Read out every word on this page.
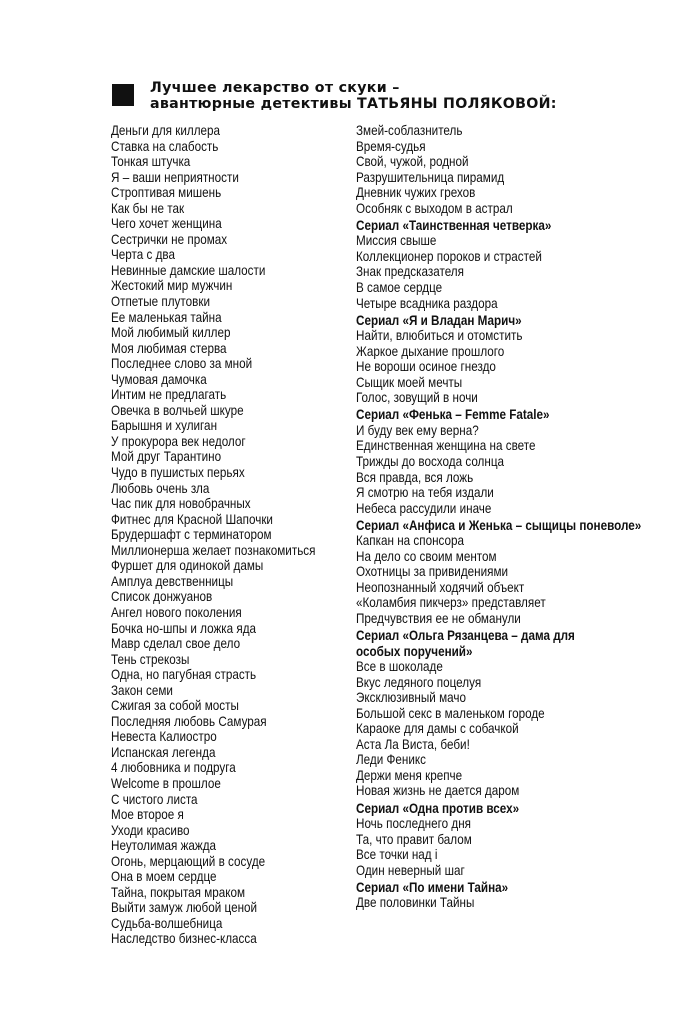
Лучшее лекарство от скуки –
авантюрные детективы ТАТЬЯНЫ ПОЛЯКОВОЙ:
Деньги для киллера
Ставка на слабость
Тонкая штучка
Я – ваши неприятности
Строптивая мишень
Как бы не так
Чего хочет женщина
Сестрички не промах
Черта с два
Невинные дамские шалости
Жестокий мир мужчин
Отпетые плутовки
Ее маленькая тайна
Мой любимый киллер
Моя любимая стерва
Последнее слово за мной
Чумовая дамочка
Интим не предлагать
Овечка в волчьей шкуре
Барышня и хулиган
У прокурора век недолог
Мой друг Тарантино
Чудо в пушистых перьях
Любовь очень зла
Час пик для новобрачных
Фитнес для Красной Шапочки
Брудершафт с терминатором
Миллионерша желает познакомиться
Фуршет для одинокой дамы
Амплуа девственницы
Список донжуанов
Ангел нового поколения
Бочка но-шпы и ложка яда
Мавр сделал свое дело
Тень стрекозы
Одна, но пагубная страсть
Закон семи
Сжигая за собой мосты
Последняя любовь Самурая
Невеста Калиостро
Испанская легенда
4 любовника и подруга
Welcome в прошлое
С чистого листа
Мое второе я
Уходи красиво
Неутолимая жажда
Огонь, мерцающий в сосуде
Она в моем сердце
Тайна, покрытая мраком
Выйти замуж любой ценой
Судьба-волшебница
Наследство бизнес-класса
Змей-соблазнитель
Время-судья
Свой, чужой, родной
Разрушительница пирамид
Дневник чужих грехов
Особняк с выходом в астрал
Сериал «Таинственная четверка»
Миссия свыше
Коллекционер пороков и страстей
Знак предсказателя
В самое сердце
Четыре всадника раздора
Сериал «Я и Владан Марич»
Найти, влюбиться и отомстить
Жаркое дыхание прошлого
Не вороши осиное гнездо
Сыщик моей мечты
Голос, зовущий в ночи
Сериал «Фенька – Femme Fatale»
И буду век ему верна?
Единственная женщина на свете
Трижды до восхода солнца
Вся правда, вся ложь
Я смотрю на тебя издали
Небеса рассудили иначе
Сериал «Анфиса и Женька – сыщицы поневоле»
Капкан на спонсора
На дело со своим ментом
Охотницы за привидениями
Неопознанный ходячий объект
«Коламбия пикчерз» представляет
Предчувствия ее не обманули
Сериал «Ольга Рязанцева – дама для особых поручений»
Все в шоколаде
Вкус ледяного поцелуя
Эксклюзивный мачо
Большой секс в маленьком городе
Караоке для дамы с собачкой
Аста Ла Виста, беби!
Леди Феникс
Держи меня крепче
Новая жизнь не дается даром
Сериал «Одна против всех»
Ночь последнего дня
Та, что правит балом
Все точки над i
Один неверный шаг
Сериал «По имени Тайна»
Две половинки Тайны
